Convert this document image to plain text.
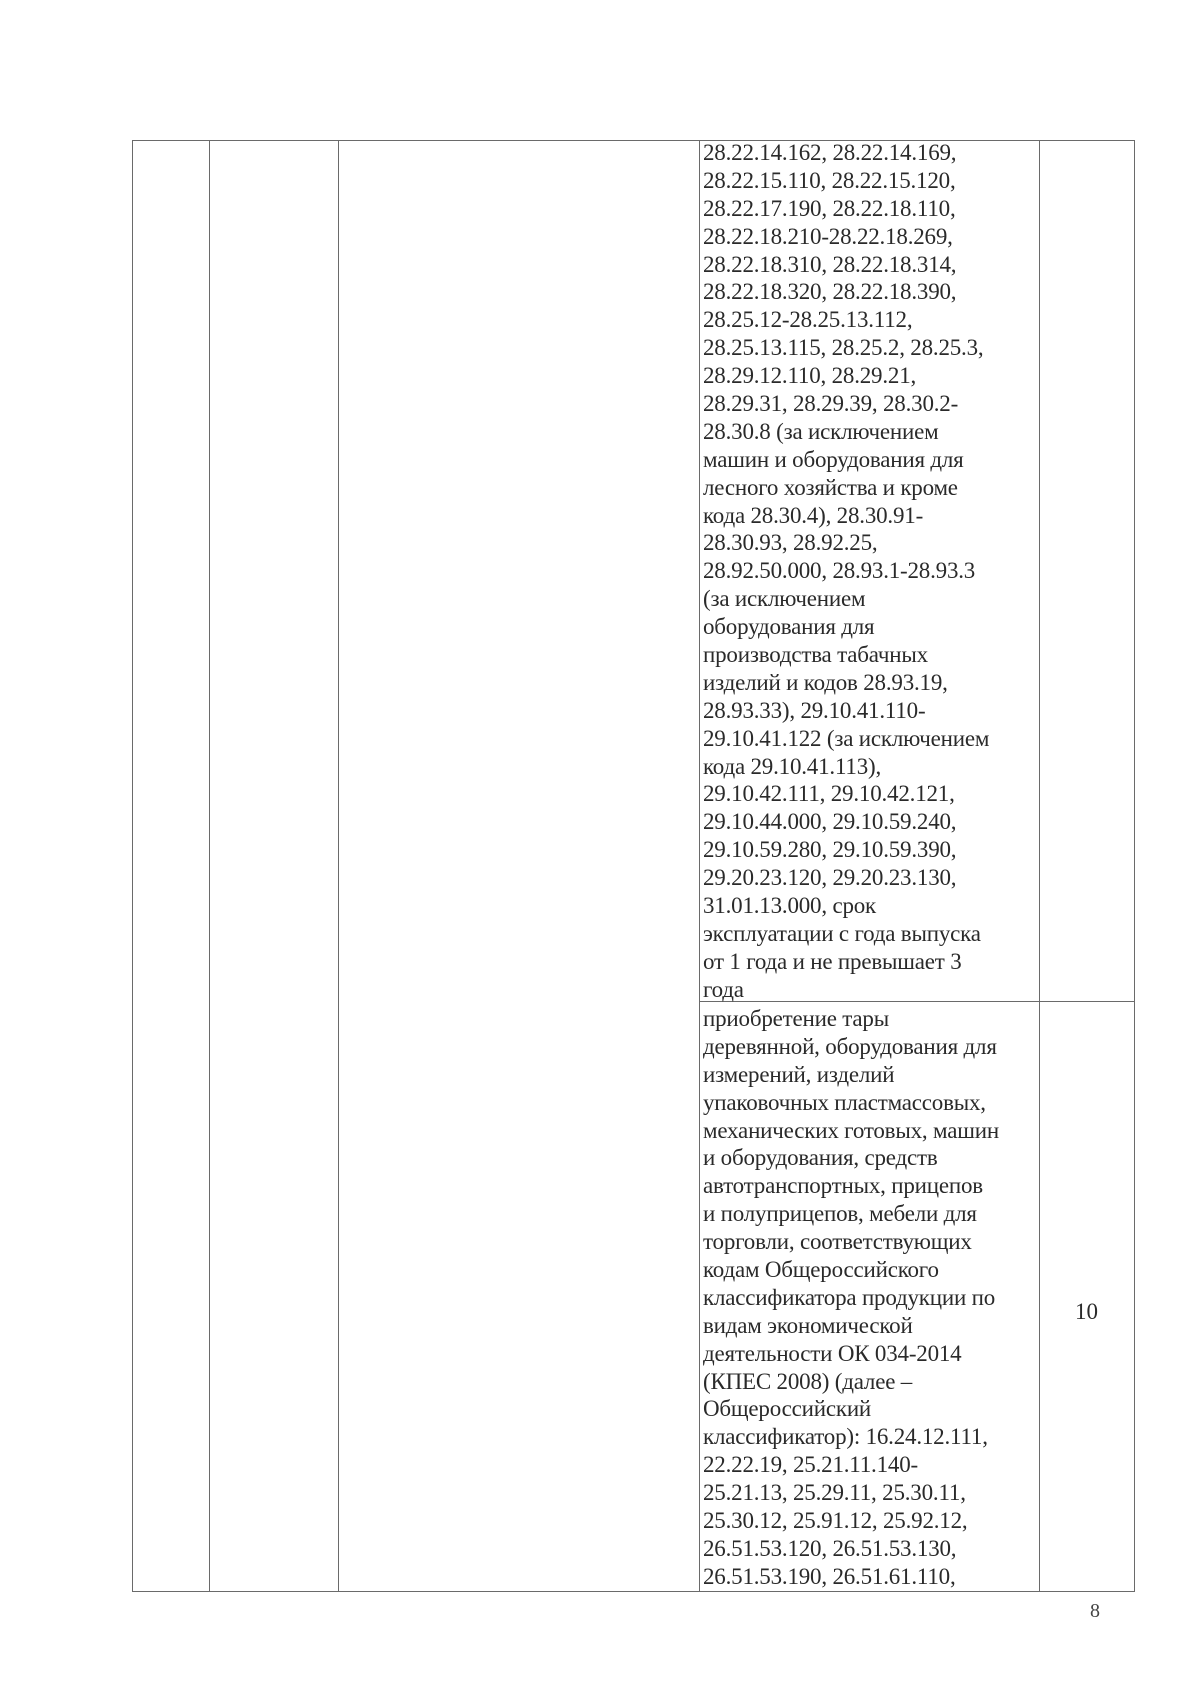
28.22.14.162, 28.22.14.169,
28.22.15.110, 28.22.15.120,
28.22.17.190, 28.22.18.110,
28.22.18.210-28.22.18.269,
28.22.18.310, 28.22.18.314,
28.22.18.320, 28.22.18.390,
28.25.12-28.25.13.112,
28.25.13.115, 28.25.2, 28.25.3,
28.29.12.110, 28.29.21,
28.29.31, 28.29.39, 28.30.2-
28.30.8 (за исключением
машин и оборудования для
лесного хозяйства и кроме
кода 28.30.4), 28.30.91-
28.30.93, 28.92.25,
28.92.50.000, 28.93.1-28.93.3
(за исключением
оборудования для
производства табачных
изделий и кодов 28.93.19,
28.93.33), 29.10.41.110-
29.10.41.122 (за исключением
кода 29.10.41.113),
29.10.42.111, 29.10.42.121,
29.10.44.000, 29.10.59.240,
29.10.59.280, 29.10.59.390,
29.20.23.120, 29.20.23.130,
31.01.13.000, срок
эксплуатации с года выпуска
от 1 года и не превышает 3
года
приобретение тары
деревянной, оборудования для
измерений, изделий
упаковочных пластмассовых,
механических готовых, машин
и оборудования, средств
автотранспортных, прицепов
и полуприцепов, мебели для
торговли, соответствующих
кодам Общероссийского
классификатора продукции по
видам экономической
деятельности ОК 034-2014
(КПЕС 2008) (далее –
Общероссийский
классификатор): 16.24.12.111,
22.22.19, 25.21.11.140-
25.21.13, 25.29.11, 25.30.11,
25.30.12, 25.91.12, 25.92.12,
26.51.53.120, 26.51.53.130,
26.51.53.190, 26.51.61.110,
10
8
